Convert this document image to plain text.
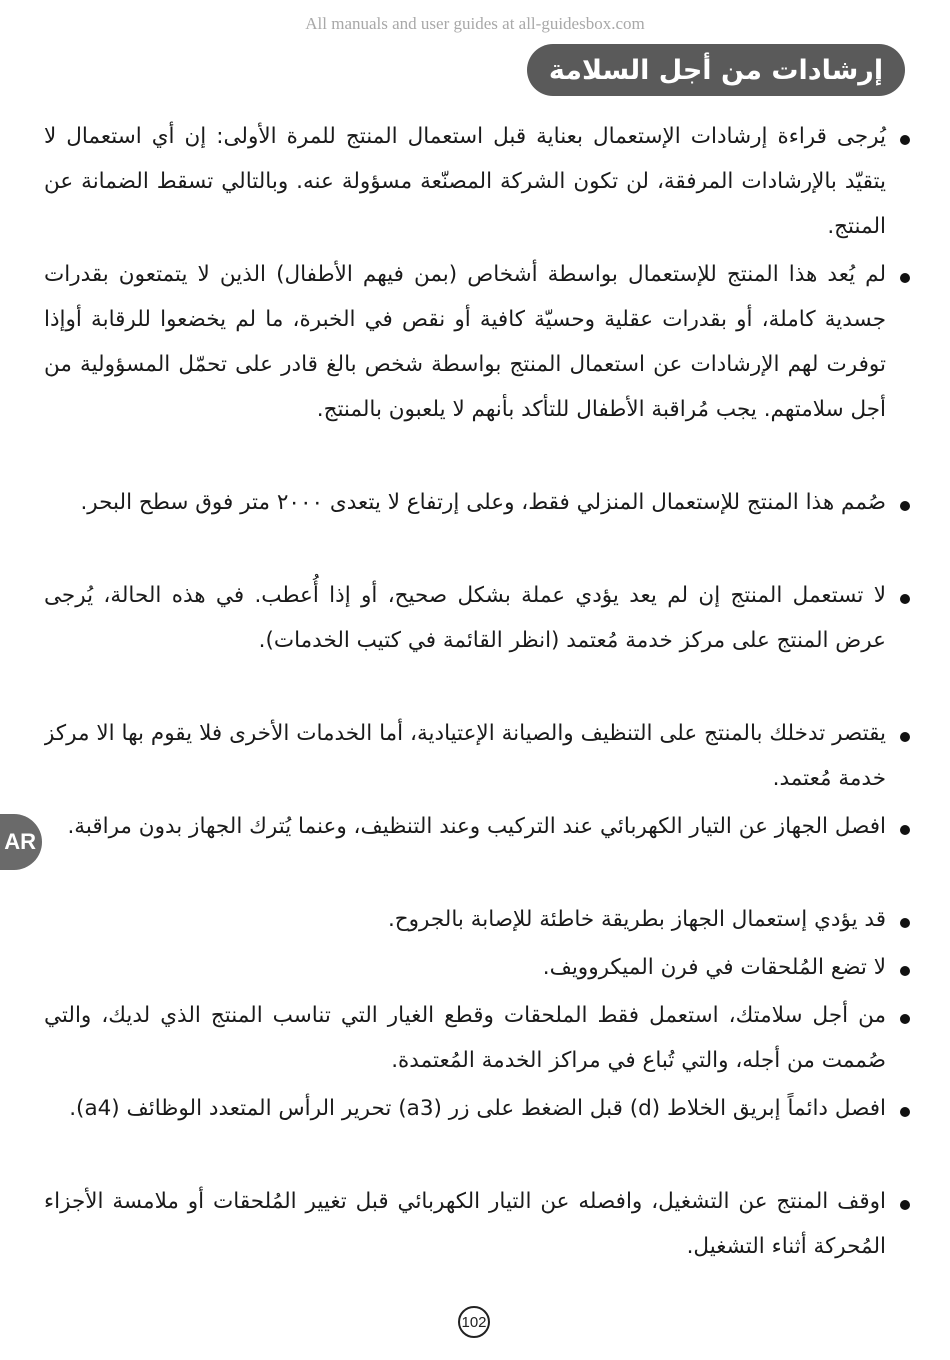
All manuals and user guides at all-guidesbox.com
إرشادات من أجل السلامة
AR
يُرجى قراءة إرشادات الإستعمال بعناية قبل استعمال المنتج للمرة الأولى: إن أي استعمال لا يتقيّد بالإرشادات المرفقة، لن تكون الشركة المصنّعة مسؤولة عنه. وبالتالي تسقط الضمانة عن المنتج.
لم يُعد هذا المنتج للإستعمال بواسطة أشخاص (بمن فيهم الأطفال) الذين لا يتمتعون بقدرات جسدية كاملة، أو بقدرات عقلية وحسيّة كافية أو نقص في الخبرة، ما لم يخضعوا للرقابة أوإذا توفرت لهم الإرشادات عن استعمال المنتج بواسطة شخص بالغ قادر على تحمّل المسؤولية من أجل سلامتهم. يجب مُراقبة الأطفال للتأكد بأنهم لا يلعبون بالمنتج.
صُمم هذا المنتج للإستعمال المنزلي فقط، وعلى إرتفاع لا يتعدى ٢٠٠٠ متر فوق سطح البحر.
لا تستعمل المنتج إن لم يعد يؤدي عملة بشكل صحيح، أو إذا أُعطب. في هذه الحالة، يُرجى عرض المنتج على مركز خدمة مُعتمد (انظر القائمة في كتيب الخدمات).
يقتصر تدخلك بالمنتج على التنظيف والصيانة الإعتيادية، أما الخدمات الأخرى فلا يقوم بها الا مركز خدمة مُعتمد.
افصل الجهاز عن التيار الكهربائي عند التركيب وعند التنظيف، وعنما يُترك الجهاز بدون مراقبة.
قد يؤدي إستعمال الجهاز بطريقة خاطئة للإصابة بالجروح.
لا تضع المُلحقات في فرن الميكروويف.
من أجل سلامتك، استعمل فقط الملحقات وقطع الغيار التي تناسب المنتج الذي لديك، والتي صُممت من أجله، والتي تُباع في مراكز الخدمة المُعتمدة.
افصل دائماً إبريق الخلاط (d) قبل الضغط على زر (a3) تحرير الرأس المتعدد الوظائف (a4).
اوقف المنتج عن التشغيل، وافصله عن التيار الكهربائي قبل تغيير المُلحقات أو ملامسة الأجزاء المُحركة أثناء التشغيل.
102
